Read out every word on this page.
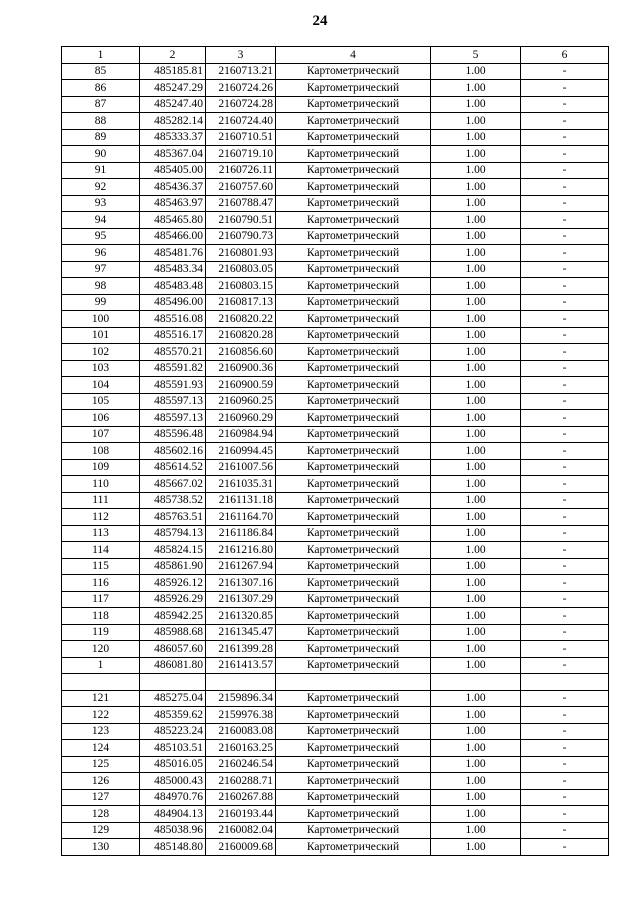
24
1	2	3	4	5	6
85	485185.81	2160713.21	Картометрический	1.00	-
86	485247.29	2160724.26	Картометрический	1.00	-
87	485247.40	2160724.28	Картометрический	1.00	-
88	485282.14	2160724.40	Картометрический	1.00	-
89	485333.37	2160710.51	Картометрический	1.00	-
90	485367.04	2160719.10	Картометрический	1.00	-
91	485405.00	2160726.11	Картометрический	1.00	-
92	485436.37	2160757.60	Картометрический	1.00	-
93	485463.97	2160788.47	Картометрический	1.00	-
94	485465.80	2160790.51	Картометрический	1.00	-
95	485466.00	2160790.73	Картометрический	1.00	-
96	485481.76	2160801.93	Картометрический	1.00	-
97	485483.34	2160803.05	Картометрический	1.00	-
98	485483.48	2160803.15	Картометрический	1.00	-
99	485496.00	2160817.13	Картометрический	1.00	-
100	485516.08	2160820.22	Картометрический	1.00	-
101	485516.17	2160820.28	Картометрический	1.00	-
102	485570.21	2160856.60	Картометрический	1.00	-
103	485591.82	2160900.36	Картометрический	1.00	-
104	485591.93	2160900.59	Картометрический	1.00	-
105	485597.13	2160960.25	Картометрический	1.00	-
106	485597.13	2160960.29	Картометрический	1.00	-
107	485596.48	2160984.94	Картометрический	1.00	-
108	485602.16	2160994.45	Картометрический	1.00	-
109	485614.52	2161007.56	Картометрический	1.00	-
110	485667.02	2161035.31	Картометрический	1.00	-
111	485738.52	2161131.18	Картометрический	1.00	-
112	485763.51	2161164.70	Картометрический	1.00	-
113	485794.13	2161186.84	Картометрический	1.00	-
114	485824.15	2161216.80	Картометрический	1.00	-
115	485861.90	2161267.94	Картометрический	1.00	-
116	485926.12	2161307.16	Картометрический	1.00	-
117	485926.29	2161307.29	Картометрический	1.00	-
118	485942.25	2161320.85	Картометрический	1.00	-
119	485988.68	2161345.47	Картометрический	1.00	-
120	486057.60	2161399.28	Картометрический	1.00	-
1	486081.80	2161413.57	Картометрический	1.00	-

121	485275.04	2159896.34	Картометрический	1.00	-
122	485359.62	2159976.38	Картометрический	1.00	-
123	485223.24	2160083.08	Картометрический	1.00	-
124	485103.51	2160163.25	Картометрический	1.00	-
125	485016.05	2160246.54	Картометрический	1.00	-
126	485000.43	2160288.71	Картометрический	1.00	-
127	484970.76	2160267.88	Картометрический	1.00	-
128	484904.13	2160193.44	Картометрический	1.00	-
129	485038.96	2160082.04	Картометрический	1.00	-
130	485148.80	2160009.68	Картометрический	1.00	-
